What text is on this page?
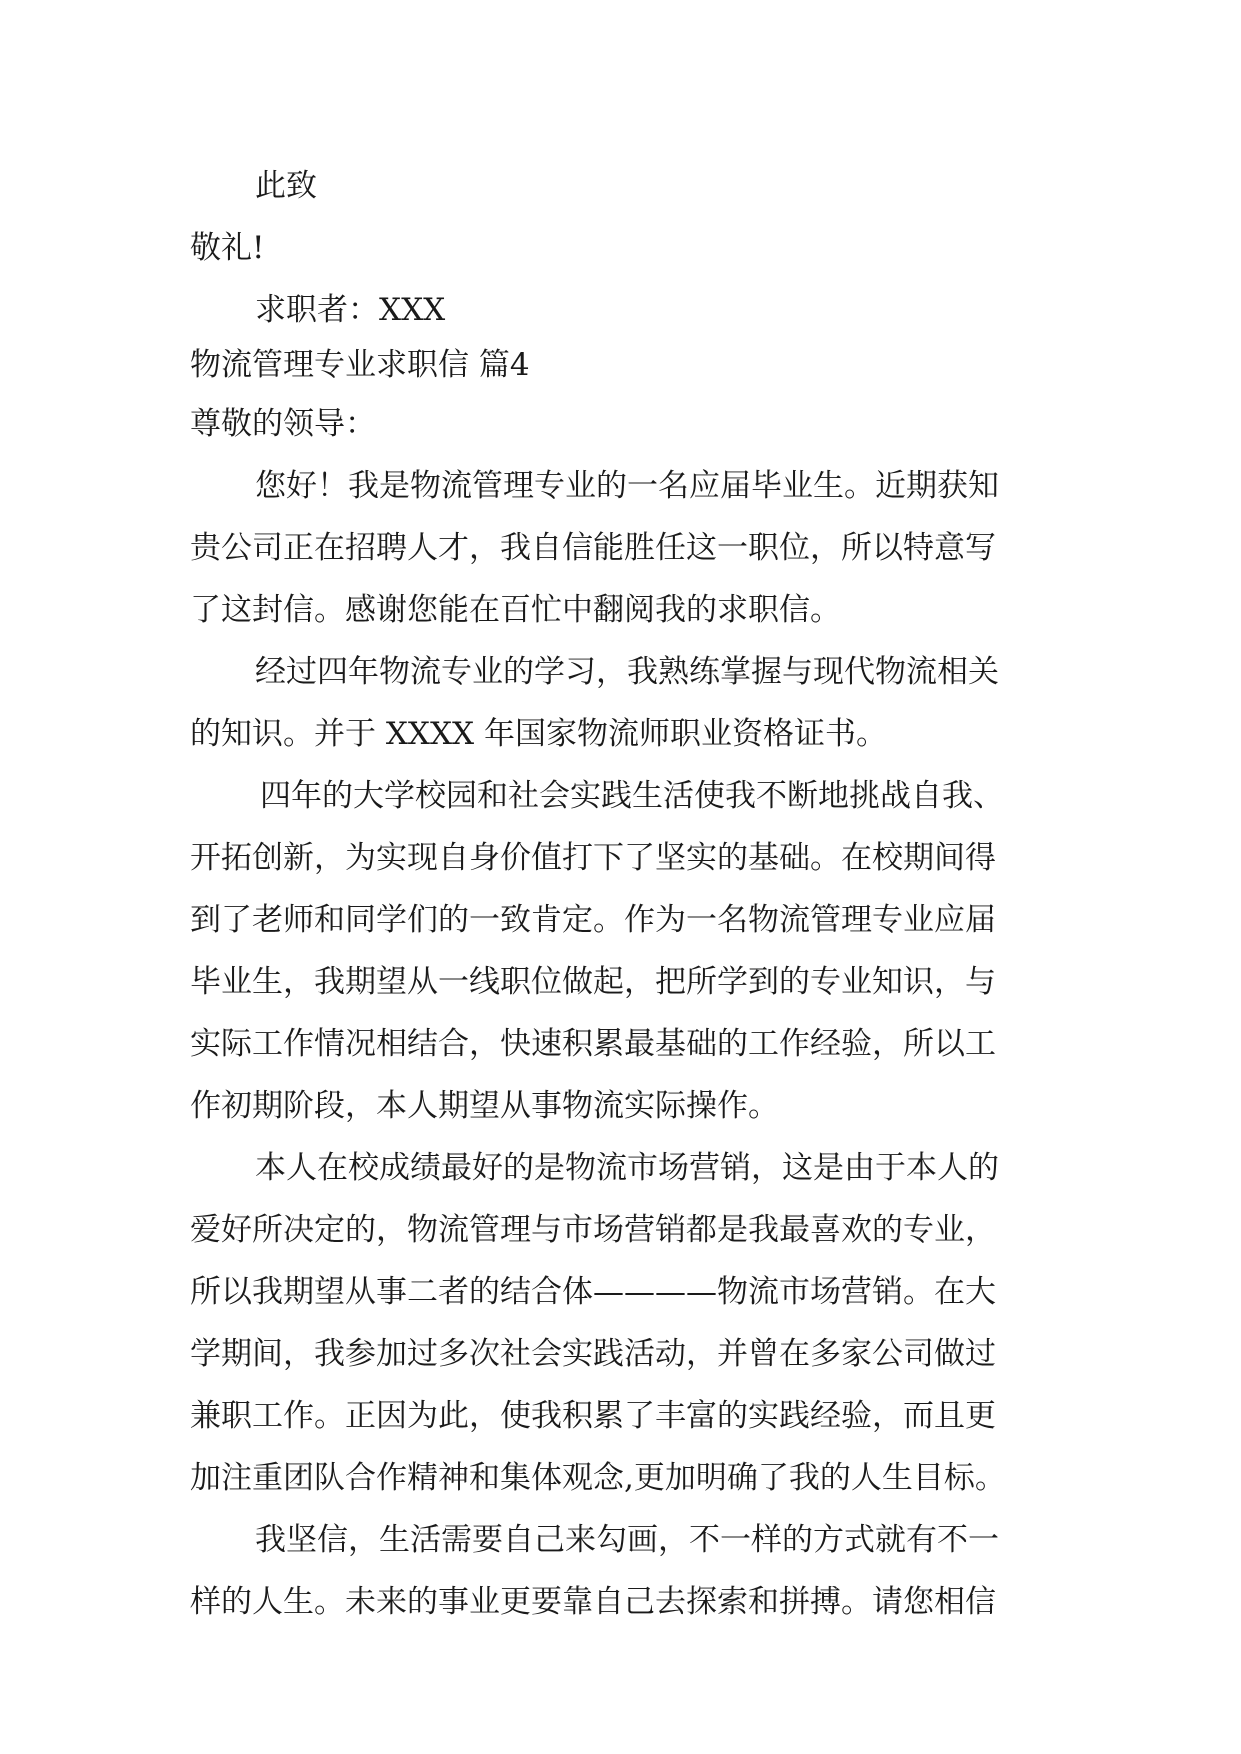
此致
敬礼!
求职者：XXX
物流管理专业求职信 篇4
尊敬的领导：
您好！我是物流管理专业的一名应届毕业生。近期获知
贵公司正在招聘人才，我自信能胜任这一职位，所以特意写
了这封信。感谢您能在百忙中翻阅我的求职信。
经过四年物流专业的学习，我熟练掌握与现代物流相关
的知识。并于 XXXX 年国家物流师职业资格证书。
四年的大学校园和社会实践生活使我不断地挑战自我、
开拓创新，为实现自身价值打下了坚实的基础。在校期间得
到了老师和同学们的一致肯定。作为一名物流管理专业应届
毕业生，我期望从一线职位做起，把所学到的专业知识，与
实际工作情况相结合，快速积累最基础的工作经验，所以工
作初期阶段，本人期望从事物流实际操作。
本人在校成绩最好的是物流市场营销，这是由于本人的
爱好所决定的，物流管理与市场营销都是我最喜欢的专业，
所以我期望从事二者的结合体————物流市场营销。在大
学期间，我参加过多次社会实践活动，并曾在多家公司做过
兼职工作。正因为此，使我积累了丰富的实践经验，而且更
加注重团队合作精神和集体观念,更加明确了我的人生目标。
我坚信，生活需要自己来勾画，不一样的方式就有不一
样的人生。未来的事业更要靠自己去探索和拼搏。请您相信
